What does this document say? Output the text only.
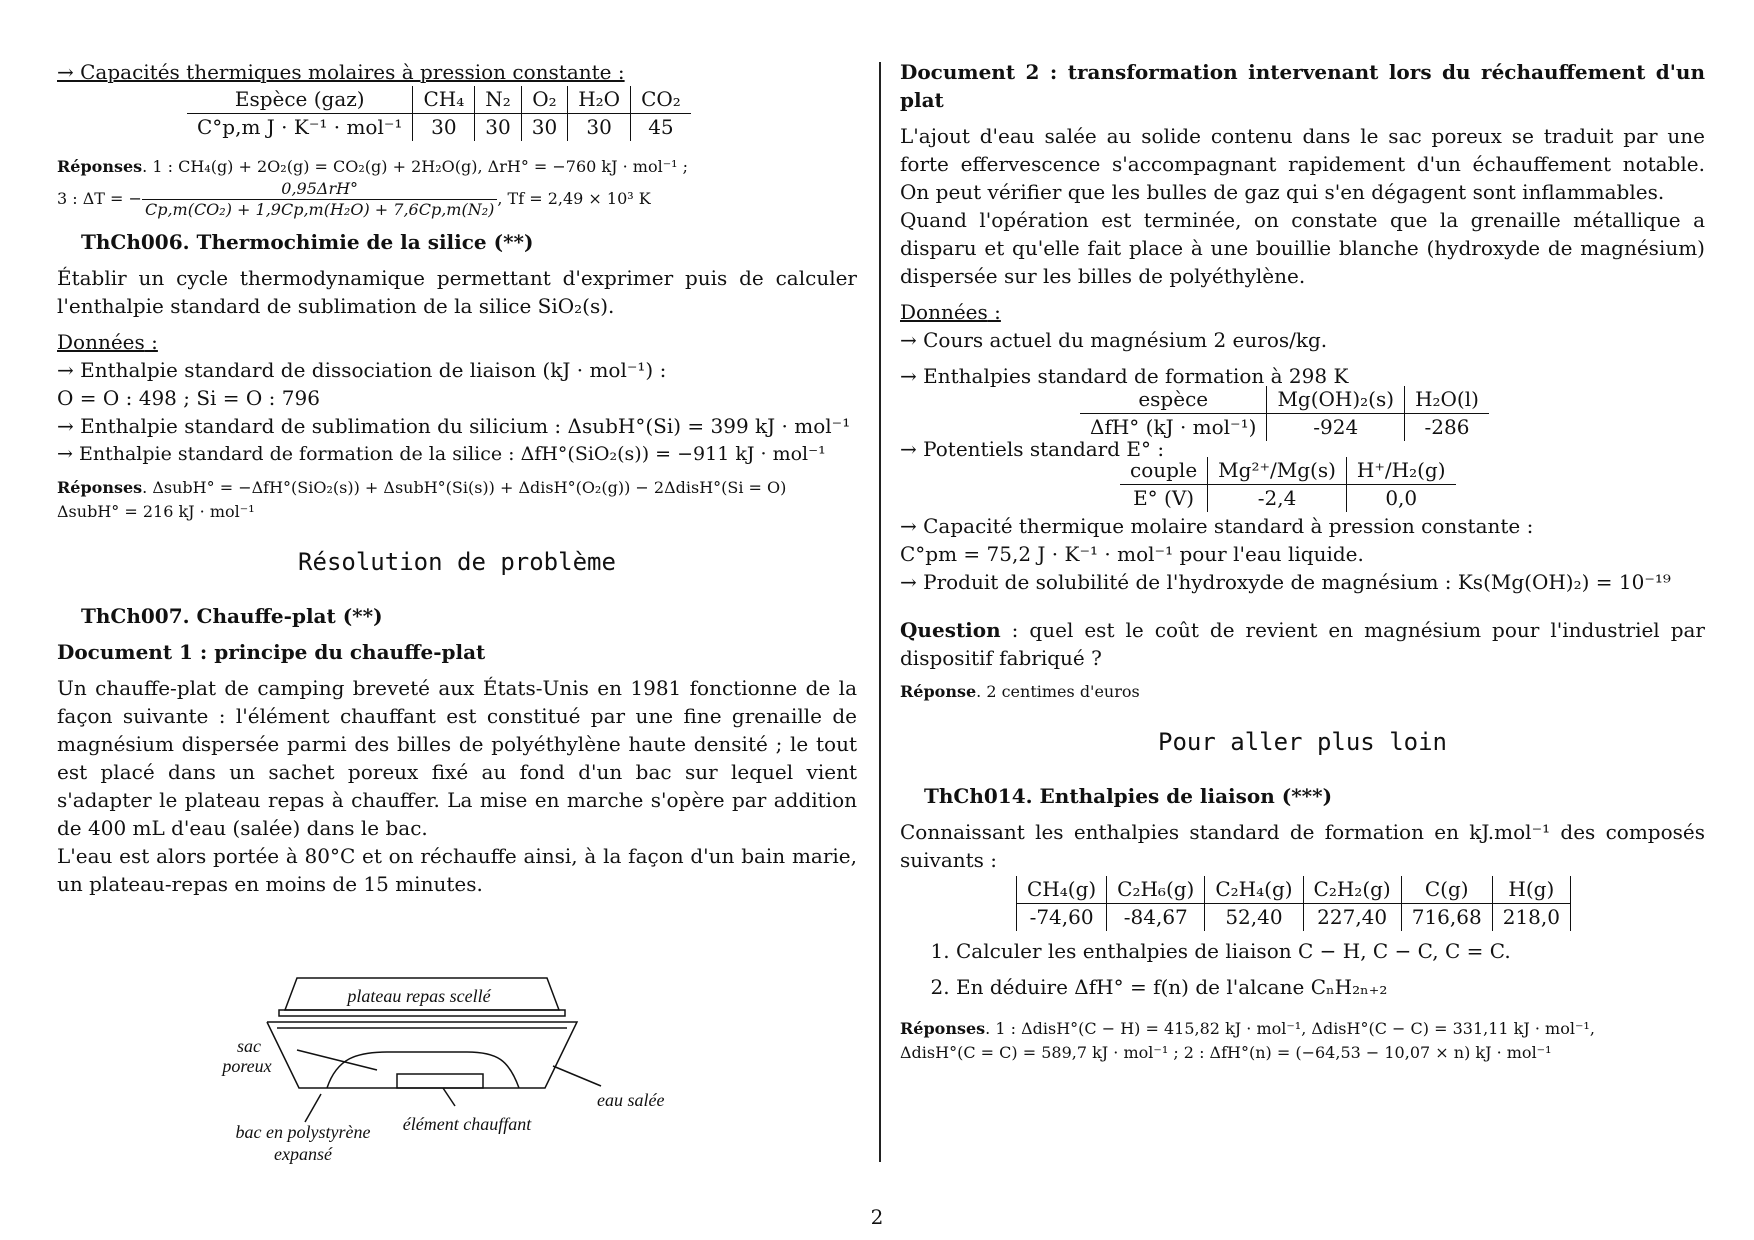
→ Capacités thermiques molaires à pression constante :

Espèce (gaz)	CH₄	N₂	O₂	H₂O	CO₂
C°p,m J · K⁻¹ · mol⁻¹	30	30	30	30	45

Réponses. 1 : CH₄(g) + 2O₂(g) = CO₂(g) + 2H₂O(g), ΔrH° = −760 kJ · mol⁻¹ ;

3 : ΔT = − $\frac{\text{0,95ΔrH°}}{\text{Cp,m(CO₂) + 1,9Cp,m(H₂O) + 7,6Cp,m(N₂)}}$ , Tf = 2,49 × 10³ K

ThCh006. Thermochimie de la silice (**)

Établir un cycle thermodynamique permettant d'exprimer puis de calculer l'enthalpie standard de sublimation de la silice SiO₂(s).

Données :

→ Enthalpie standard de dissociation de liaison (kJ · mol⁻¹) :

O = O : 498 ; Si = O : 796

→ Enthalpie standard de sublimation du silicium : ΔsubH°(Si) = 399 kJ · mol⁻¹

→ Enthalpie standard de formation de la silice : ΔfH°(SiO₂(s)) = −911 kJ · mol⁻¹

Réponses. ΔsubH° = −ΔfH°(SiO₂(s)) + ΔsubH°(Si(s)) + ΔdisH°(O₂(g)) − 2ΔdisH°(Si = O)

ΔsubH° = 216 kJ · mol⁻¹

Résolution de problème

ThCh007. Chauffe-plat (**)

Document 1 : principe du chauffe-plat

Un chauffe-plat de camping breveté aux États-Unis en 1981 fonctionne de la façon suivante : l'élément chauffant est constitué par une fine grenaille de magnésium dispersée parmi des billes de polyéthylène haute densité ; le tout est placé dans un sachet poreux fixé au fond d'un bac sur lequel vient s'adapter le plateau repas à chauffer. La mise en marche s'opère par addition de 400 mL d'eau (salée) dans le bac.

L'eau est alors portée à 80°C et on réchauffe ainsi, à la façon d'un bain marie, un plateau-repas en moins de 15 minutes.

plateau repas scellé
sac
poreux
eau salée
élément chauffant
bac en polystyrène
expansé

Document 2 : transformation intervenant lors du réchauffement d'un plat

L'ajout d'eau salée au solide contenu dans le sac poreux se traduit par une forte effervescence s'accompagnant rapidement d'un échauffement notable. On peut vérifier que les bulles de gaz qui s'en dégagent sont inflammables.

Quand l'opération est terminée, on constate que la grenaille métallique a disparu et qu'elle fait place à une bouillie blanche (hydroxyde de magnésium) dispersée sur les billes de polyéthylène.

Données :

→ Cours actuel du magnésium 2 euros/kg.

→ Enthalpies standard de formation à 298 K

espèce	Mg(OH)₂(s)	H₂O(l)
ΔfH° (kJ · mol⁻¹)	-924	-286

→ Potentiels standard E° :

couple	Mg²⁺/Mg(s)	H⁺/H₂(g)
E° (V)	-2,4	0,0

→ Capacité thermique molaire standard à pression constante :

C°pm = 75,2 J · K⁻¹ · mol⁻¹ pour l'eau liquide.

→ Produit de solubilité de l'hydroxyde de magnésium : Ks(Mg(OH)₂) = 10⁻¹⁹

Question : quel est le coût de revient en magnésium pour l'industriel par dispositif fabriqué ?

Réponse. 2 centimes d'euros

Pour aller plus loin

ThCh014. Enthalpies de liaison (***)

Connaissant les enthalpies standard de formation en kJ.mol⁻¹ des composés suivants :

CH₄(g)	C₂H₆(g)	C₂H₄(g)	C₂H₂(g)	C(g)	H(g)
-74,60	-84,67	52,40	227,40	716,68	218,0
1. Calculer les enthalpies de liaison C − H, C − C, C = C.
2. En déduire ΔfH° = f(n) de l'alcane CₙH₂ₙ₊₂

Réponses. 1 : ΔdisH°(C − H) = 415,82 kJ · mol⁻¹, ΔdisH°(C − C) = 331,11 kJ · mol⁻¹,

ΔdisH°(C = C) = 589,7 kJ · mol⁻¹ ; 2 : ΔfH°(n) = (−64,53 − 10,07 × n) kJ · mol⁻¹

2
